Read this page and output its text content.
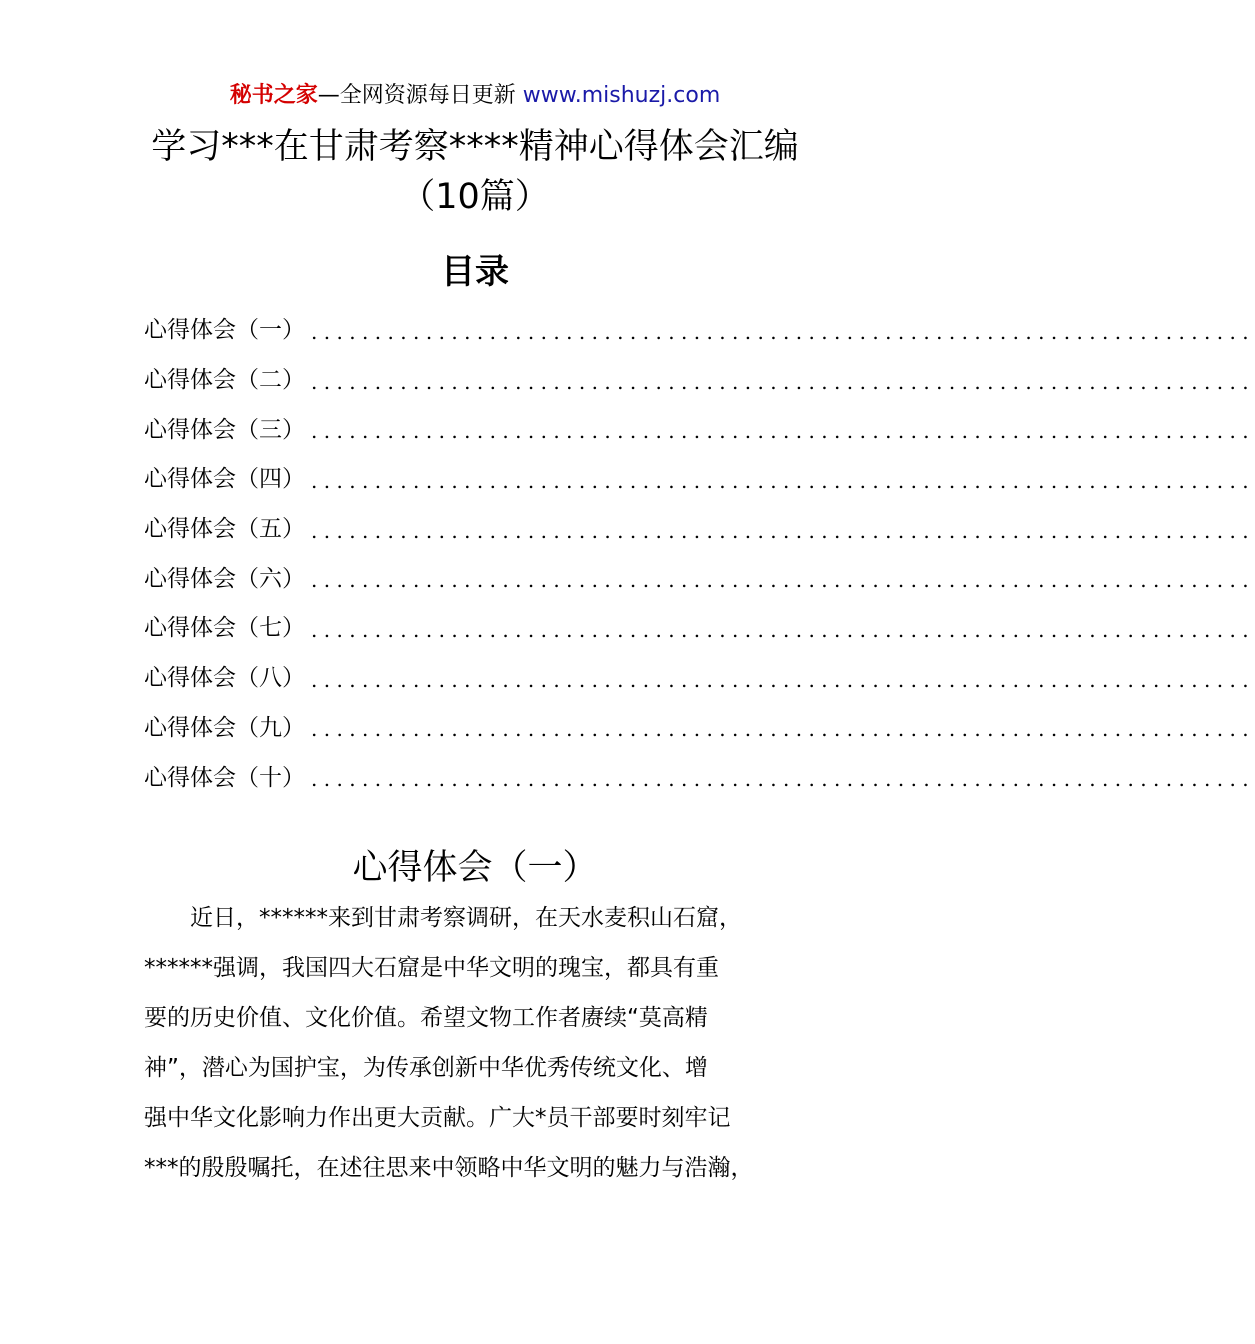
秘书之家—全网资源每日更新 www.mishuzj.com
学习***在甘肃考察****精神心得体会汇编
（10篇）
目录
心得体会（一） ..........................................................................
心得体会（二） ..........................................................................
心得体会（三） ..........................................................................
心得体会（四） ..........................................................................
心得体会（五） ..........................................................................
心得体会（六） ..........................................................................
心得体会（七） ..........................................................................
心得体会（八） ..........................................................................
心得体会（九） ..........................................................................
心得体会（十） ..........................................................................
心得体会（一）

近日，******来到甘肃考察调研，在天水麦积山石窟，
******强调，我国四大石窟是中华文明的瑰宝，都具有重
要的历史价值、文化价值。希望文物工作者赓续“莫高精
神”，潜心为国护宝，为传承创新中华优秀传统文化、增
强中华文化影响力作出更大贡献。广大*员干部要时刻牢记
***的殷殷嘱托，在述往思来中领略中华文明的魅力与浩瀚，
